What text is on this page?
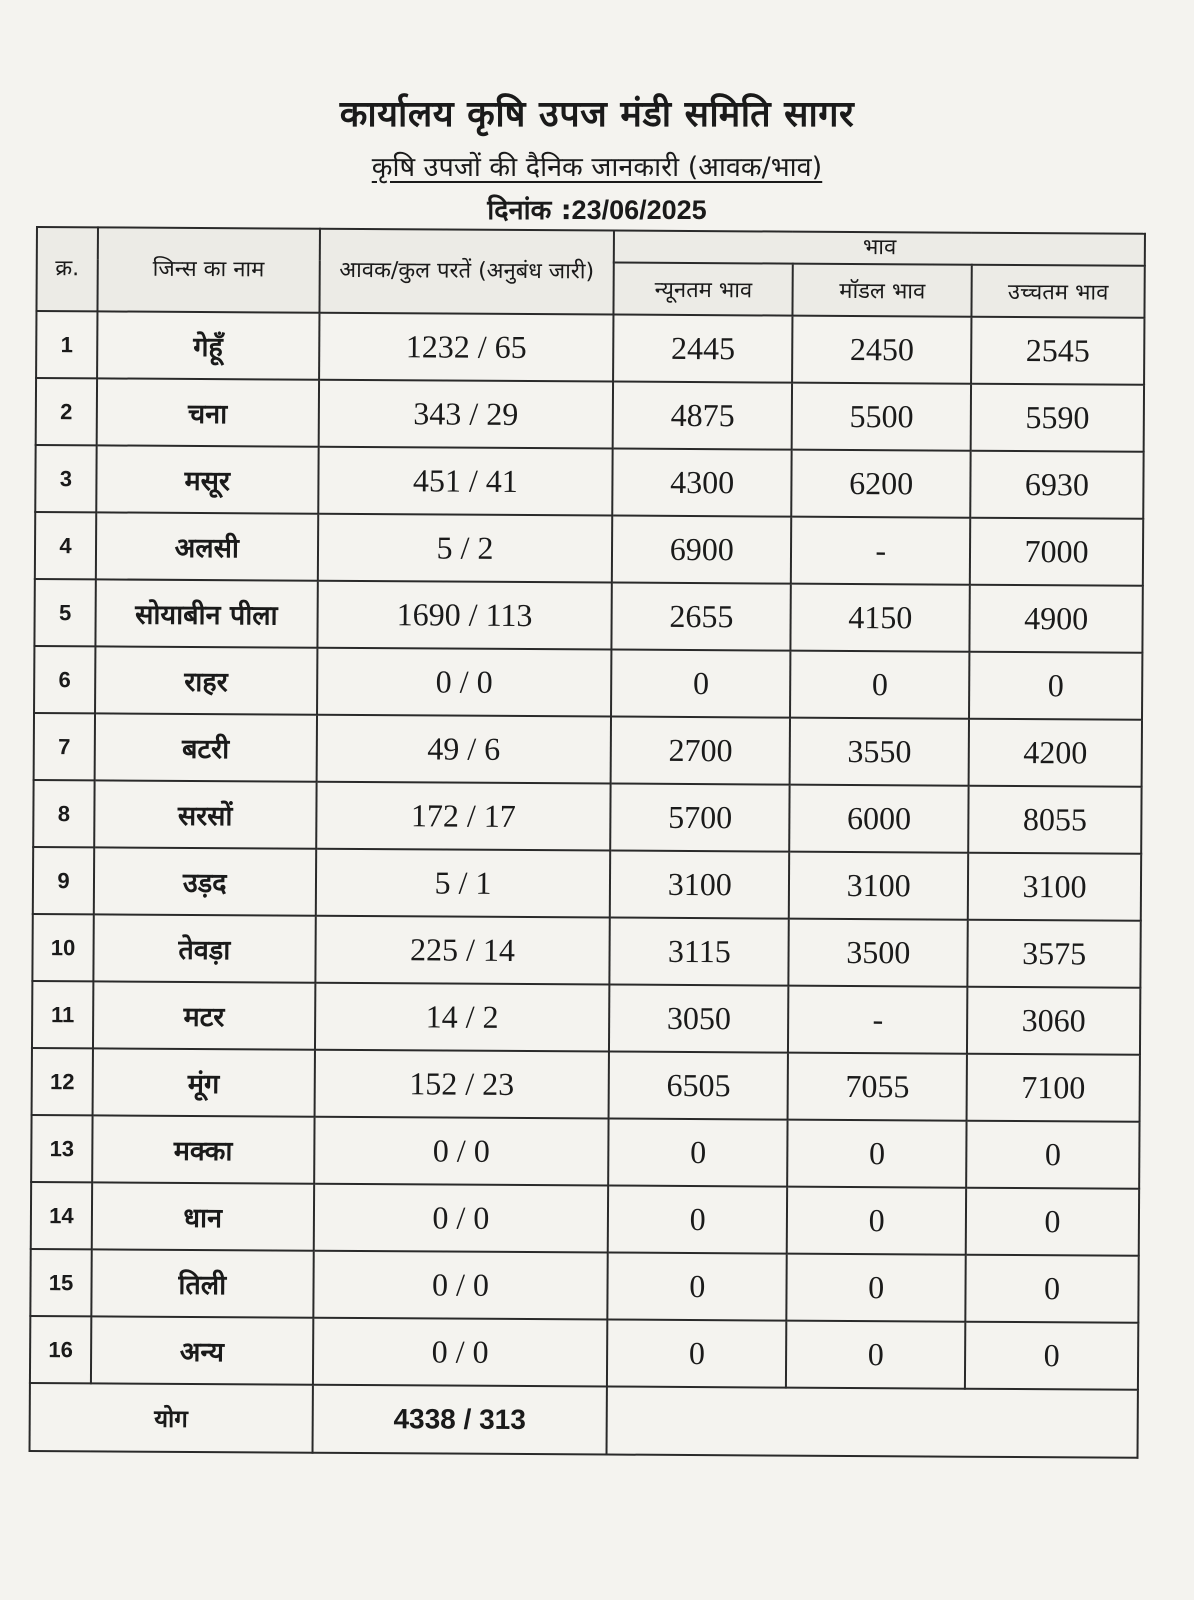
कार्यालय कृषि उपज मंडी समिति सागर

कृषि उपजों की दैनिक जानकारी (आवक/भाव)

दिनांक :23/06/2025

क्र.	जिन्स का नाम	आवक/कुल परतें (अनुबंध जारी)	भाव		
			न्यूनतम भाव	मॉडल भाव	उच्चतम भाव
1	गेहूँ	1232 / 65	2445	2450	2545
2	चना	343 / 29	4875	5500	5590
3	मसूर	451 / 41	4300	6200	6930
4	अलसी	5 / 2	6900	-	7000
5	सोयाबीन पीला	1690 / 113	2655	4150	4900
6	राहर	0 / 0	0	0	0
7	बटरी	49 / 6	2700	3550	4200
8	सरसों	172 / 17	5700	6000	8055
9	उड़द	5 / 1	3100	3100	3100
10	तेवड़ा	225 / 14	3115	3500	3575
11	मटर	14 / 2	3050	-	3060
12	मूंग	152 / 23	6505	7055	7100
13	मक्का	0 / 0	0	0	0
14	धान	0 / 0	0	0	0
15	तिली	0 / 0	0	0	0
16	अन्य	0 / 0	0	0	0
योग		4338 / 313			
